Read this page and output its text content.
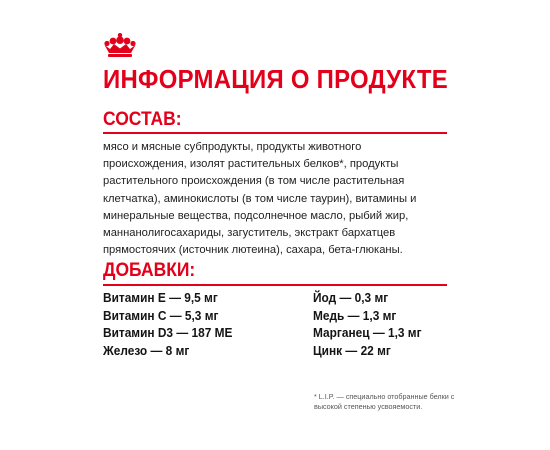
ИНФОРМАЦИЯ О ПРОДУКТЕ
СОСТАВ:

мясо и мясные субпродукты, продукты животного происхождения, изолят растительных белков*, продукты растительного происхождения (в том числе растительная клетчатка), аминокислоты (в том числе таурин), витамины и минеральные вещества, подсолнечное масло, рыбий жир, маннанолигосахариды, загуститель, экстракт бархатцев прямостоячих (источник лютеина), сахара, бета-глюканы.

ДОБАВКИ:
Витамин Е — 9,5 мг
Витамин С — 5,3 мг
Витамин D3 — 187 МЕ
Железо — 8 мг
Йод — 0,3 мг
Медь — 1,3 мг
Марганец — 1,3 мг
Цинк — 22 мг

* L.I.P. — специально отобранные белки с высокой степенью усвояемости.
